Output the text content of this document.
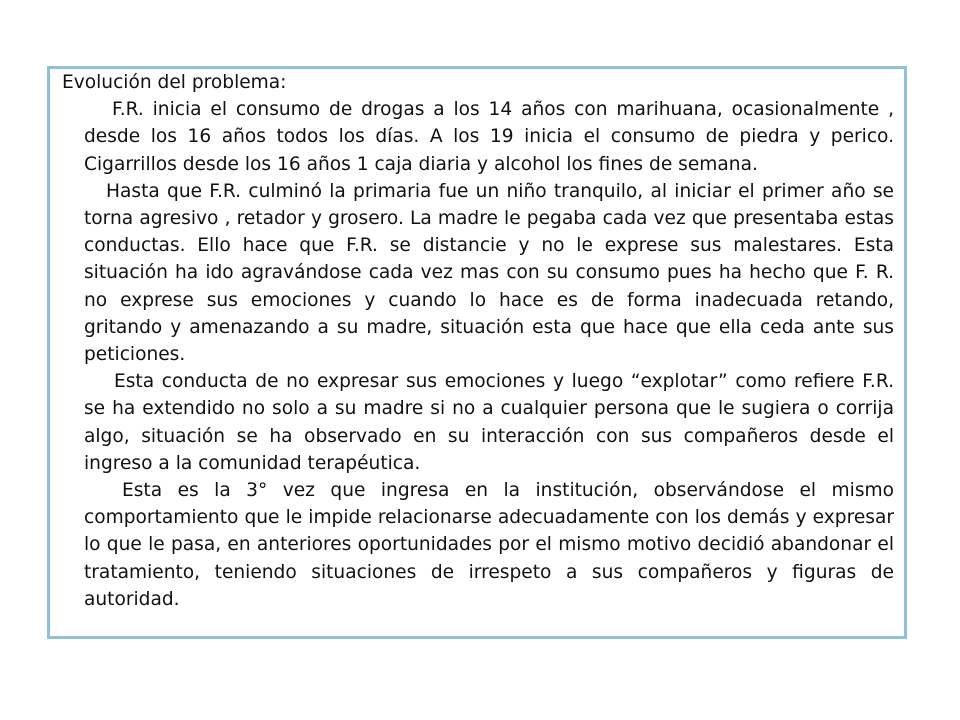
Evolución del problema:

F.R. inicia el consumo de drogas a los 14 años con marihuana, ocasionalmente , desde los 16 años todos los días. A los 19 inicia el consumo de piedra y perico. Cigarrillos desde los 16 años 1 caja diaria y alcohol los fines de semana.

Hasta que F.R. culminó la primaria fue un niño tranquilo, al iniciar el primer año se torna agresivo , retador y grosero. La madre le pegaba cada vez que presentaba estas conductas. Ello hace que F.R. se distancie y no le exprese sus malestares. Esta situación ha ido agravándose cada vez mas con su consumo pues ha hecho que F. R. no exprese sus emociones y cuando lo hace es de forma inadecuada retando, gritando y amenazando a su madre, situación esta que hace que ella ceda ante sus peticiones.

Esta conducta de no expresar sus emociones y luego “explotar” como refiere F.R. se ha extendido no solo a su madre si no a cualquier persona que le sugiera o corrija algo, situación se ha observado en su interacción con sus compañeros desde el ingreso a la comunidad terapéutica.

Esta es la 3° vez que ingresa en la institución, observándose el mismo comportamiento que le impide relacionarse adecuadamente con los demás y expresar lo que le pasa, en anteriores oportunidades por el mismo motivo decidió abandonar el tratamiento, teniendo situaciones de irrespeto a sus compañeros y figuras de autoridad.
